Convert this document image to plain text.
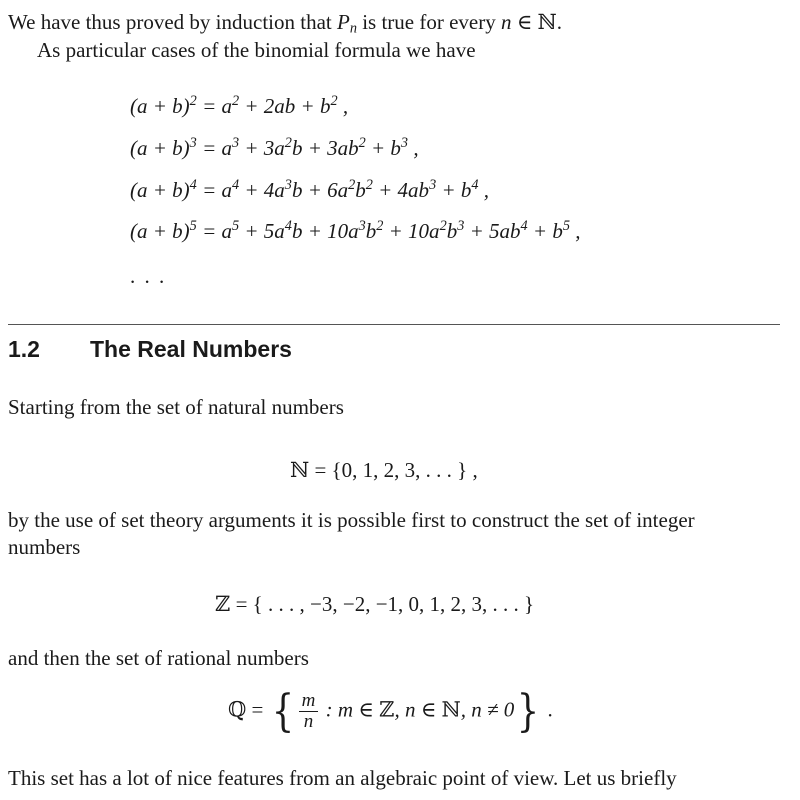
We have thus proved by induction that $P_n$ is true for every n ∈ ℕ.
As particular cases of the binomial formula we have
$(a + b)^2 = a^2 + 2ab + b^2$ ,
$(a + b)^3 = a^3 + 3a^2b + 3ab^2 + b^3$ ,
$(a + b)^4 = a^4 + 4a^3b + 6a^2b^2 + 4ab^3 + b^4$ ,
$(a + b)^5 = a^5 + 5a^4b + 10a^3b^2 + 10a^2b^3 + 5ab^4 + b^5$ ,
. . .
1.2 The Real Numbers
Starting from the set of natural numbers
ℕ = {0, 1, 2, 3, . . . } ,
by the use of set theory arguments it is possible first to construct the set of integer
numbers
ℤ = { . . . , −3, −2, −1, 0, 1, 2, 3, . . . }
and then the set of rational numbers
ℚ = { $\frac{m}{n}$ : m ∈ ℤ, n ∈ ℕ, n ≠ 0} .
This set has a lot of nice features from an algebraic point of view. Let us briefly
